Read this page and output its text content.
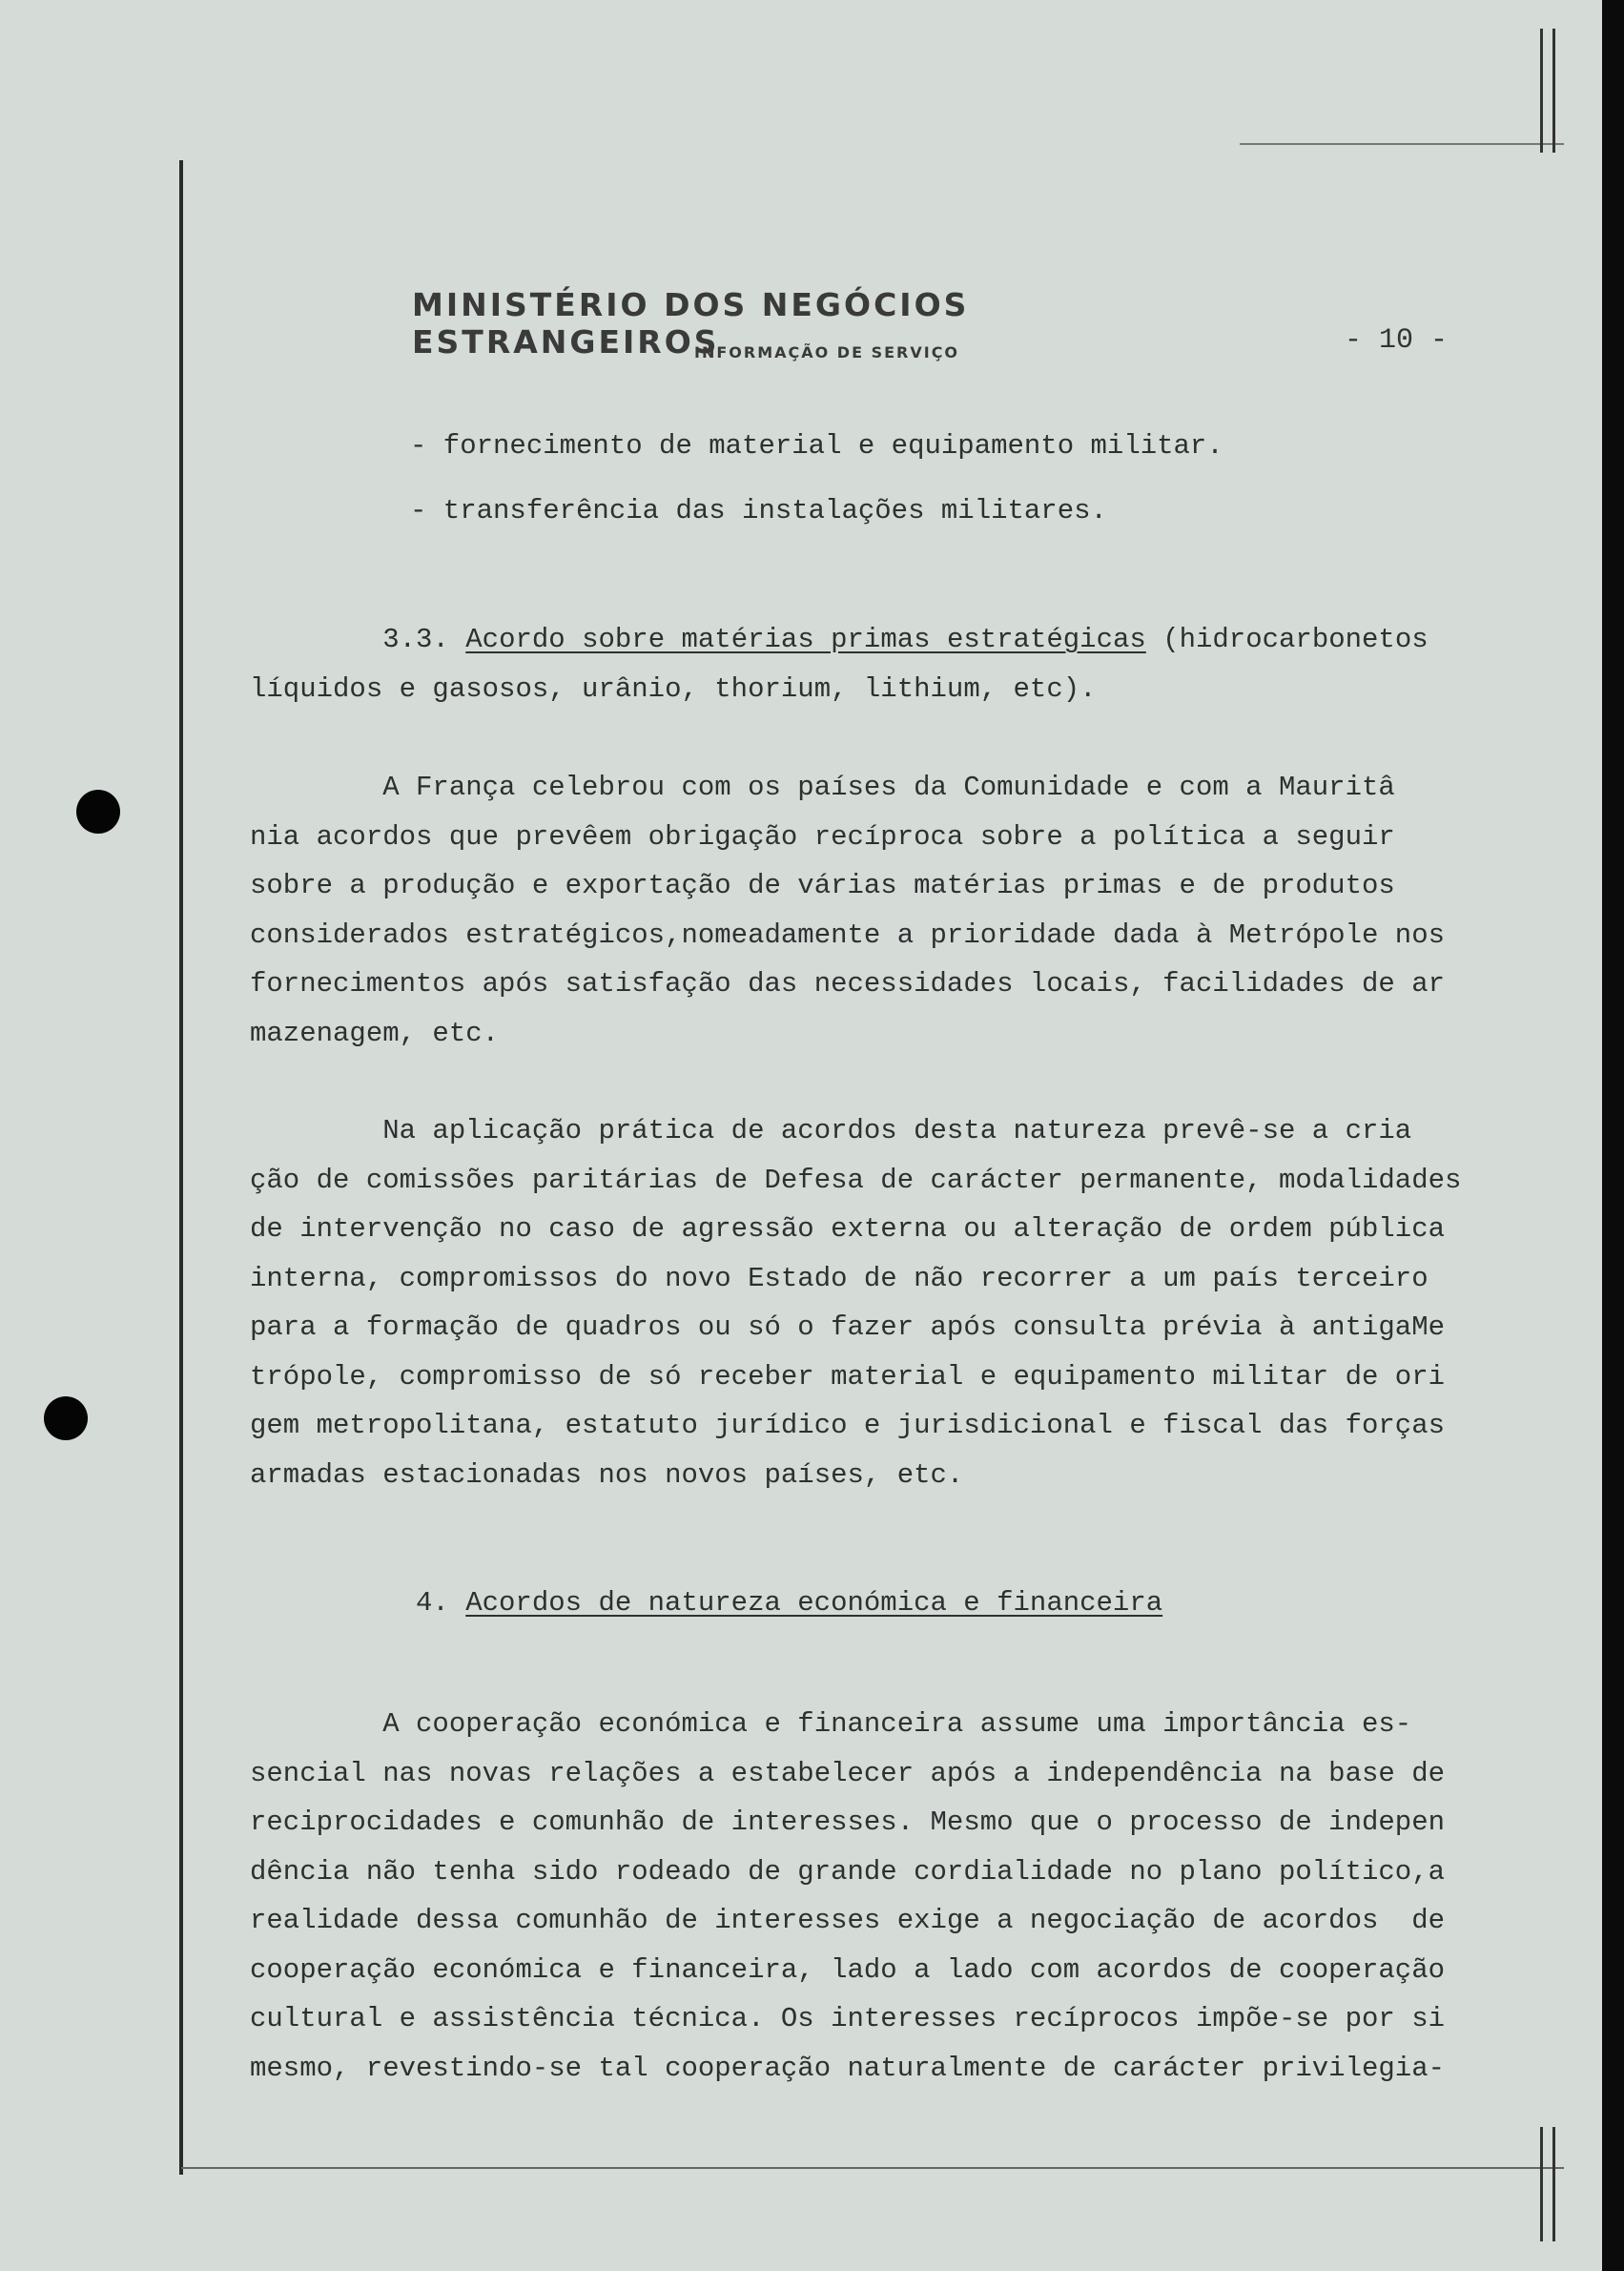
MINISTÉRIO DOS NEGÓCIOS ESTRANGEIROS
INFORMAÇÃO DE SERVIÇO	- 10 -
- fornecimento de material e equipamento militar.
- transferência das instalações militares.
3.3. Acordo sobre matérias primas estratégicas (hidrocarbonetos
líquidos e gasosos, urânio, thorium, lithium, etc).
A França celebrou com os países da Comunidade e com a Mauritâ
nia acordos que prevêem obrigação recíproca sobre a política a seguir
sobre a produção e exportação de várias matérias primas e de produtos
considerados estratégicos,nomeadamente a prioridade dada à Metrópole nos
fornecimentos após satisfação das necessidades locais, facilidades de ar
mazenagem, etc.
Na aplicação prática de acordos desta natureza prevê-se a cria
ção de comissões paritárias de Defesa de carácter permanente, modalidades
de intervenção no caso de agressão externa ou alteração de ordem pública
interna, compromissos do novo Estado de não recorrer a um país terceiro
para a formação de quadros ou só o fazer após consulta prévia à antigaMe
trópole, compromisso de só receber material e equipamento militar de ori
gem metropolitana, estatuto jurídico e jurisdicional e fiscal das forças
armadas estacionadas nos novos países, etc.
4. Acordos de natureza económica e financeira
A cooperação económica e financeira assume uma importância es-
sencial nas novas relações a estabelecer após a independência na base de
reciprocidades e comunhão de interesses. Mesmo que o processo de indepen
dência não tenha sido rodeado de grande cordialidade no plano político,a
realidade dessa comunhão de interesses exige a negociação de acordos  de
cooperação económica e financeira, lado a lado com acordos de cooperação
cultural e assistência técnica. Os interesses recíprocos impõe-se por si
mesmo, revestindo-se tal cooperação naturalmente de carácter privilegia-
